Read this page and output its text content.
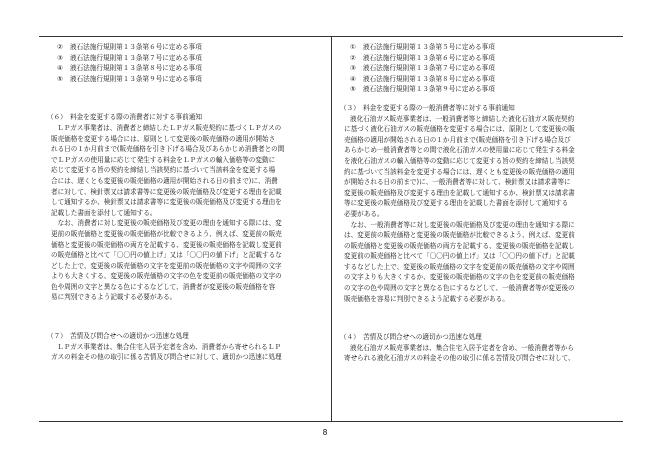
② 液石法施行規則第１３条第６号に定める事項
③ 液石法施行規則第１３条第７号に定める事項
④ 液石法施行規則第１３条第８号に定める事項
⑤ 液石法施行規則第１３条第９号に定める事項
（６）　料金を変更する際の消費者に対する事前通知
ＬＰガス事業者は、消費者と締結したＬＰガス販売契約に基づくＬＰガスの
販売価格を変更する場合には、原則として変更後の販売価格の適用が開始さ
れる日の１か月前まで(販売価格を引き下げる場合及びあらかじめ消費者との間
でＬＰガスの使用量に応じて発生する料金をＬＰガスの輸入価格等の変動に
応じて変更する旨の契約を締結し当該契約に基づいて当該料金を変更する場
合には、遅くとも変更後の販売価格の適用が開始される日の前まで)に、消費
者に対して、検針票又は請求書等に変更後の販売価格及び変更する理由を記載
して通知するか、検針票又は請求書等に変更後の販売価格及び変更する理由を
記載した書面を添付して通知する。
　なお、消費者に対し変更後の販売価格及び変更の理由を通知する際には、変
更前の販売価格と変更後の販売価格が比較できるよう、例えば、変更前の販売
価格と変更後の販売価格の両方を記載する、変更後の販売価格を記載し変更前
の販売価格と比べて「〇〇円の値上げ」又は「〇〇円の値下げ」と記載するな
どした上で、変更後の販売価格の文字を変更前の販売価格の文字や周囲の文字
よりも大きくする、変更後の販売価格の文字の色を変更前の販売価格の文字の
色や周囲の文字と異なる色にするなどして、消費者が変更後の販売価格を容
易に判別できるよう記載する必要がある。
（７）　苦情及び問合せへの適切かつ迅速な処理
ＬＰガス事業者は、集合住宅入居予定者を含め、消費者から寄せられるＬＰ
ガスの料金その他の取引に係る苦情及び問合せに対して、適切かつ迅速に処理
① 液石法施行規則第１３条第５号に定める事項
② 液石法施行規則第１３条第６号に定める事項
③ 液石法施行規則第１３条第７号に定める事項
④ 液石法施行規則第１３条第８号に定める事項
⑤ 液石法施行規則第１３条第９号に定める事項
（３）　料金を変更する際の一般消費者等に対する事前通知
液化石油ガス販売事業者は、一般消費者等と締結した液化石油ガス販売契約
に基づく液化石油ガスの販売価格を変更する場合には、原則として変更後の販
売価格の適用が開始される日の１か月前まで(販売価格を引き下げる場合及び
あらかじめ一般消費者等との間で液化石油ガスの使用量に応じて発生する料金
を液化石油ガスの輸入価格等の変動に応じて変更する旨の契約を締結し当該契
約に基づいて当該料金を変更する場合には、遅くとも変更後の販売価格の適用
が開始される日の前まで)に、一般消費者等に対して、検針票又は請求書等に
変更後の販売価格及び変更する理由を記載して通知するか、検針票又は請求書
等に変更後の販売価格及び変更する理由を記載した書面を添付して通知する
必要がある。
　なお、一般消費者等に対し変更後の販売価格及び変更の理由を通知する際に
は、変更前の販売価格と変更後の販売価格が比較できるよう、例えば、変更前
の販売価格と変更後の販売価格の両方を記載する、変更後の販売価格を記載し
変更前の販売価格と比べて「〇〇円の値上げ」又は「〇〇円の値下げ」と記載
するなどした上で、変更後の販売価格の文字を変更前の販売価格の文字や周囲
の文字よりも大きくするか、変更後の販売価格の文字の色を変更前の販売価格
の文字の色や周囲の文字と異なる色にするなどして、一般消費者等が変更後の
販売価格を容易に判別できるよう記載する必要がある。
（４）　苦情及び問合せへの適切かつ迅速な処理
液化石油ガス販売事業者は、集合住宅入居予定者を含め、一般消費者等から
寄せられる液化石油ガスの料金その他の取引に係る苦情及び問合せに対して、
8
